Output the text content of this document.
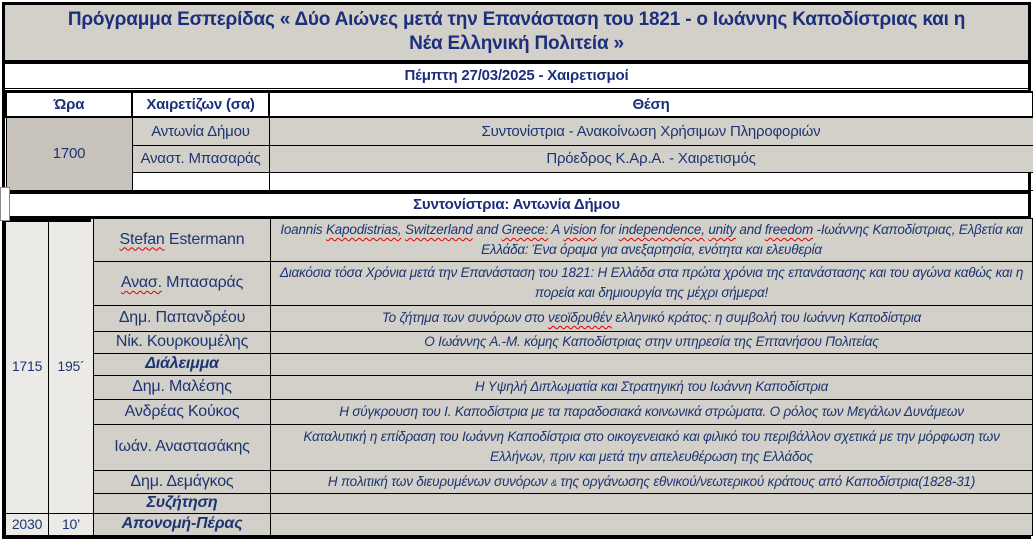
Πρόγραμμα Εσπερίδας « Δύο Αιώνες μετά την Επανάσταση του 1821 - ο Ιωάννης Καποδίστριας και η
Νέα Ελληνική Πολιτεία »
Πέμπτη 27/03/2025 - Χαιρετισμοί
Ώρα	Χαιρετίζων (σα)	Θέση
1700	Αντωνία Δήμου	Συντονίστρια - Ανακοίνωση Χρήσιμων Πληροφοριών
	Αναστ. Μπασαράς	Πρόεδρος Κ.Αρ.Α. - Χαιρετισμός

Συντονίστρια: Αντωνία Δήμου
1715	195´	Stefan Estermann	Ioannis Kapodistrias, Switzerland and Greece: A vision for independence, unity and freedom -Ιωάννης Καποδίστριας, Ελβετία και Ελλάδα: Ένα όραμα για ανεξαρτησία, ενότητα και ελευθερία
		Ανασ. Μπασαράς	Διακόσια τόσα Χρόνια μετά την Επανάσταση του 1821: Η Ελλάδα στα πρώτα χρόνια της επανάστασης και του αγώνα καθώς και η πορεία και δημιουργία της μέχρι σήμερα!
		Δημ. Παπανδρέου	Το ζήτημα των συνόρων στο νεοϊδρυθέν ελληνικό κράτος: η συμβολή του Ιωάννη Καποδίστρια
		Νίκ. Κουρκουμέλης	Ο Ιωάννης Α.-Μ. κόμης Καποδίστριας στην υπηρεσία της Επτανήσου Πολιτείας
		Διάλειμμα	
		Δημ. Μαλέσης	Η Υψηλή Διπλωματία και Στρατηγική του Ιωάννη Καποδίστρια
		Ανδρέας Κούκος	Η σύγκρουση του Ι. Καποδίστρια με τα παραδοσιακά κοινωνικά στρώματα. Ο ρόλος των Μεγάλων Δυνάμεων
		Ιωάν. Αναστασάκης	Καταλυτική η επίδραση του Ιωάννη Καποδίστρια στο οικογενειακό και φιλικό του περιβάλλον σχετικά με την μόρφωση των Ελλήνων, πριν και μετά την απελευθέρωση της Ελλάδος
		Δημ. Δεμάγκος	Η πολιτική των διευρυμένων συνόρων & της οργάνωσης εθνικού/νεωτερικού κράτους από Καποδίστρια(1828-31)
		Συζήτηση	
2030	10’	Απονομή-Πέρας	
